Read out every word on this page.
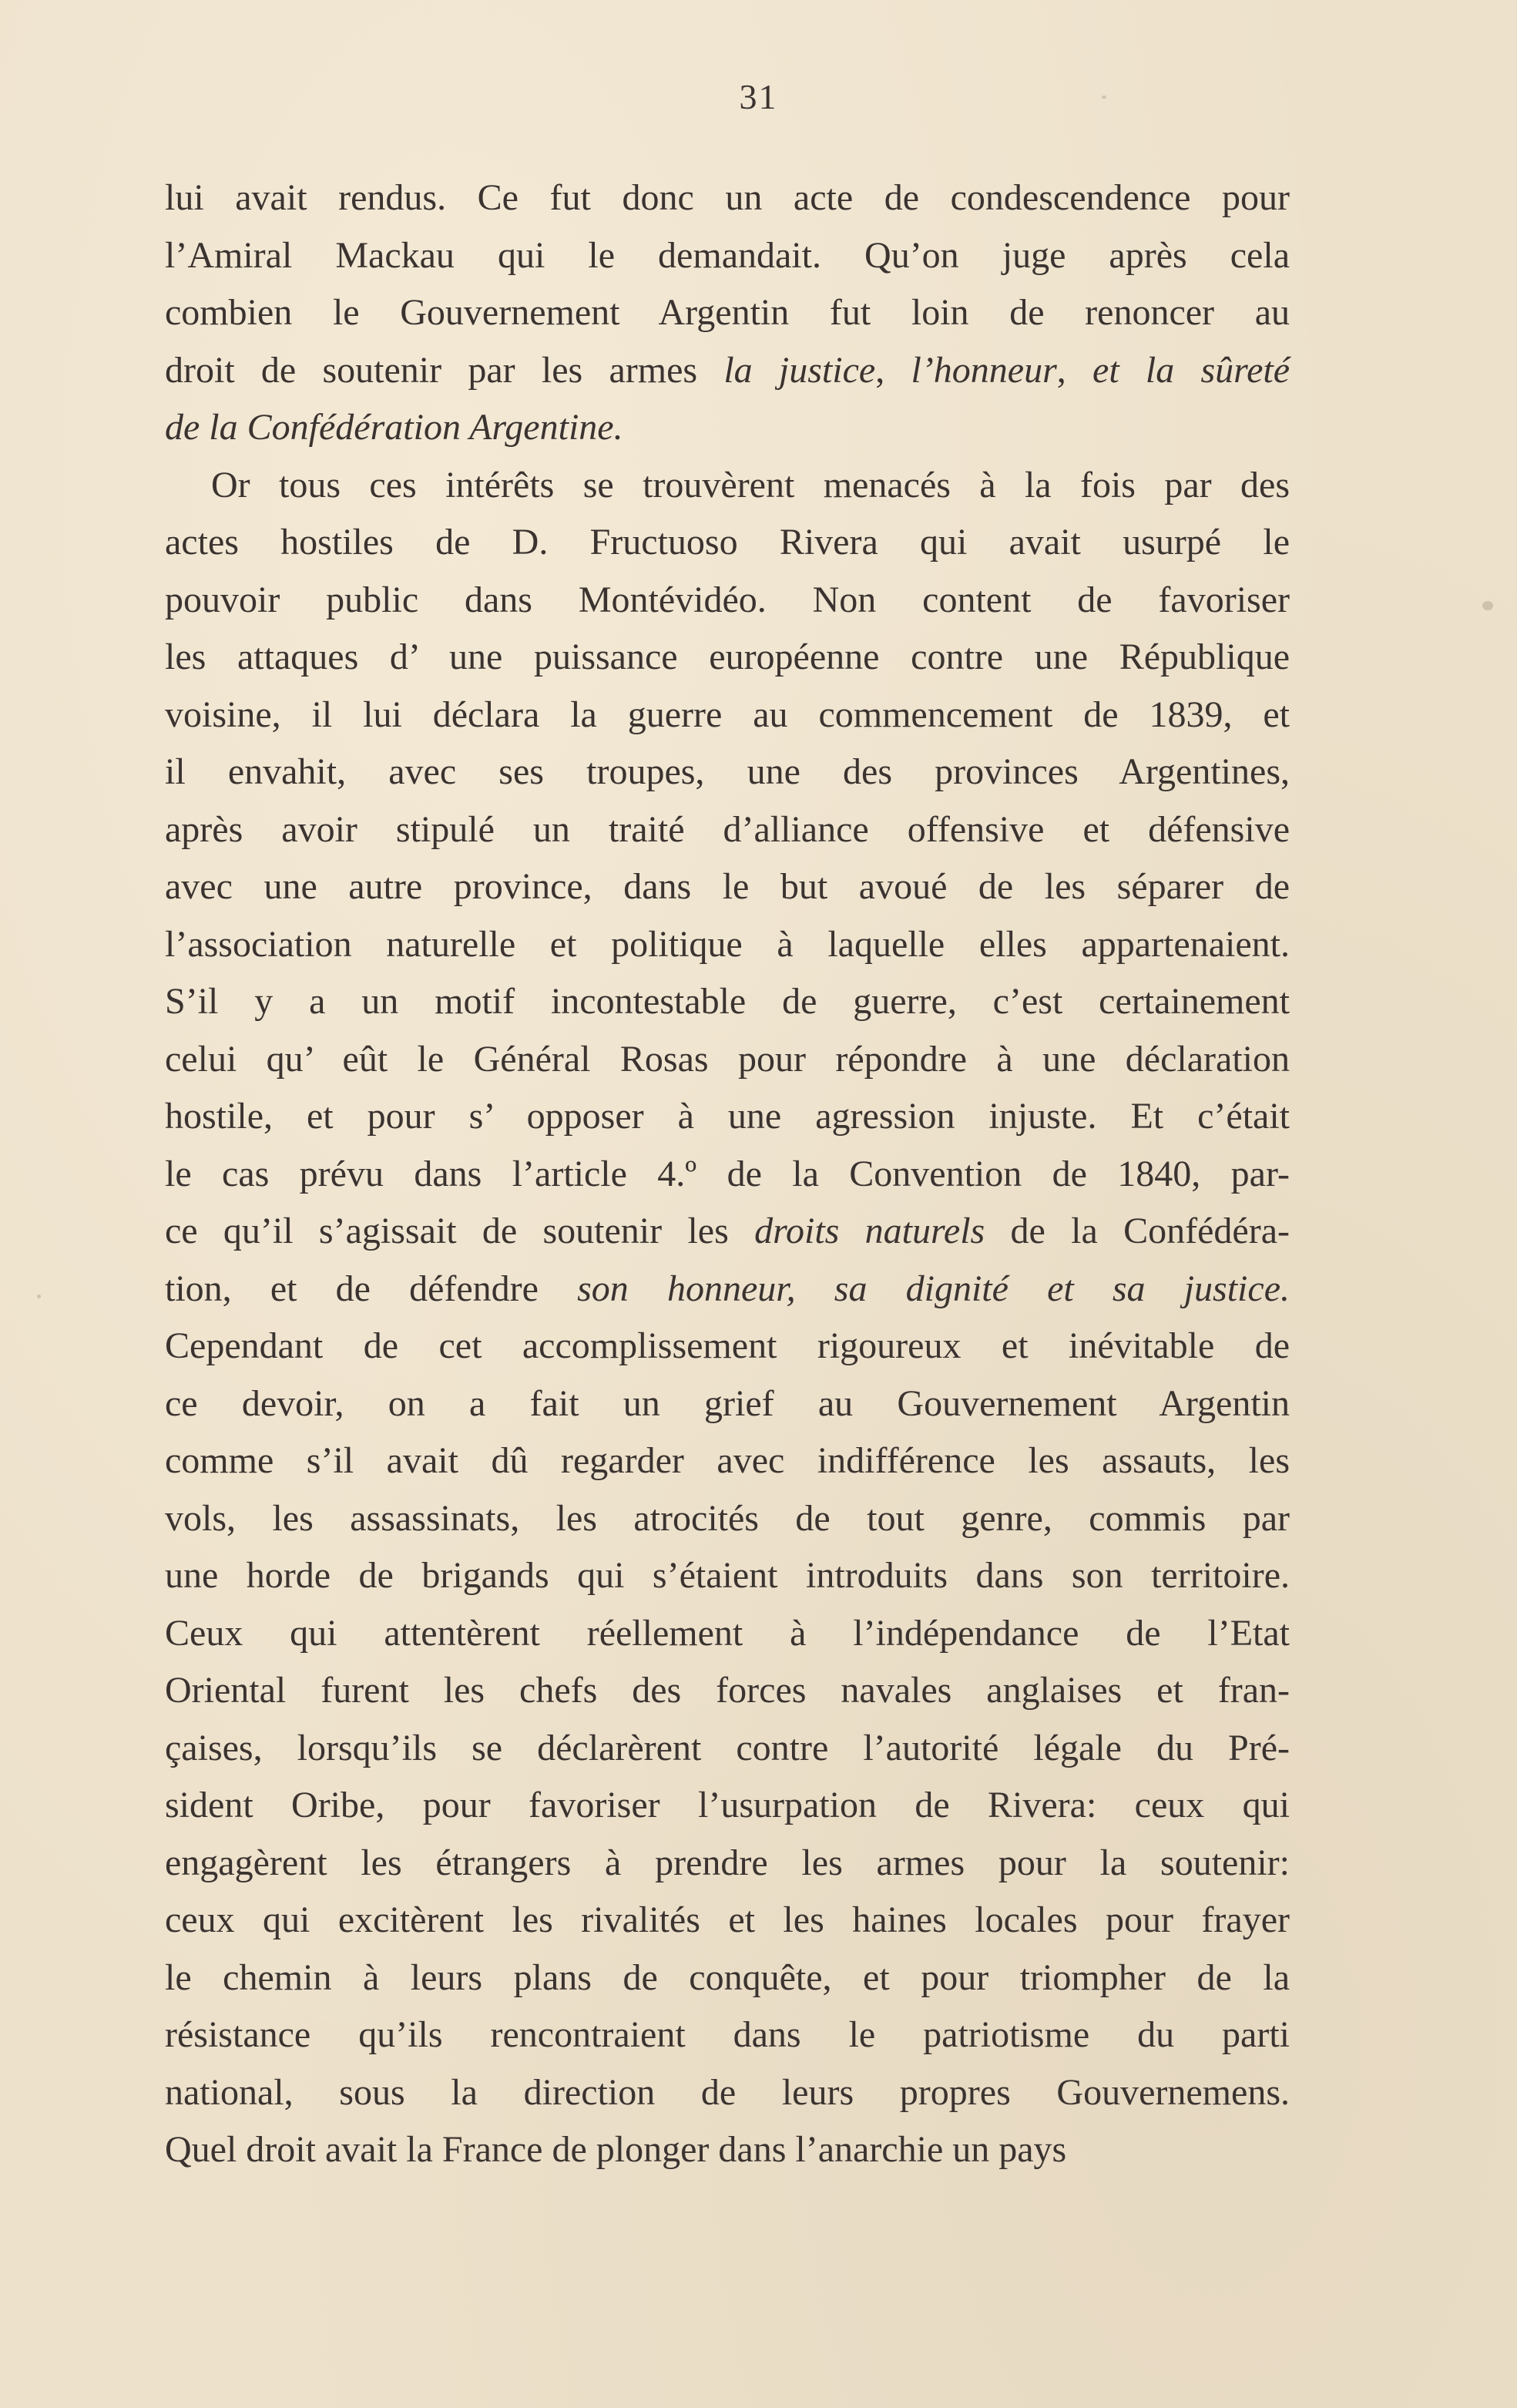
31
lui avait rendus. Ce fut donc un acte de condescendence pour
l’Amiral Mackau qui le demandait. Qu’on juge après cela
combien le Gouvernement Argentin fut loin de renoncer au
droit de soutenir par les armes la justice, l’honneur, et la sûreté
de la Confédération Argentine.
Or tous ces intérêts se trouvèrent menacés à la fois par des
actes hostiles de D. Fructuoso Rivera qui avait usurpé le
pouvoir public dans Montévidéo. Non content de favoriser
les attaques d’ une puissance européenne contre une République
voisine, il lui déclara la guerre au commencement de 1839, et
il envahit, avec ses troupes, une des provinces Argentines,
après avoir stipulé un traité d’alliance offensive et défensive
avec une autre province, dans le but avoué de les séparer de
l’association naturelle et politique à laquelle elles appartenaient.
S’il y a un motif incontestable de guerre, c’est certainement
celui qu’ eût le Général Rosas pour répondre à une déclaration
hostile, et pour s’ opposer à une agression injuste. Et c’était
le cas prévu dans l’article 4.º de la Convention de 1840, par-
ce qu’il s’agissait de soutenir les droits naturels de la Confédéra-
tion, et de défendre son honneur, sa dignité et sa justice.
Cependant de cet accomplissement rigoureux et inévitable de
ce devoir, on a fait un grief au Gouvernement Argentin
comme s’il avait dû regarder avec indifférence les assauts, les
vols, les assassinats, les atrocités de tout genre, commis par
une horde de brigands qui s’étaient introduits dans son territoire.
Ceux qui attentèrent réellement à l’indépendance de l’Etat
Oriental furent les chefs des forces navales anglaises et fran-
çaises, lorsqu’ils se déclarèrent contre l’autorité légale du Pré-
sident Oribe, pour favoriser l’usurpation de Rivera: ceux qui
engagèrent les étrangers à prendre les armes pour la soutenir:
ceux qui excitèrent les rivalités et les haines locales pour frayer
le chemin à leurs plans de conquête, et pour triompher de la
résistance qu’ils rencontraient dans le patriotisme du parti
national, sous la direction de leurs propres Gouvernemens.
Quel droit avait la France de plonger dans l’anarchie un pays
